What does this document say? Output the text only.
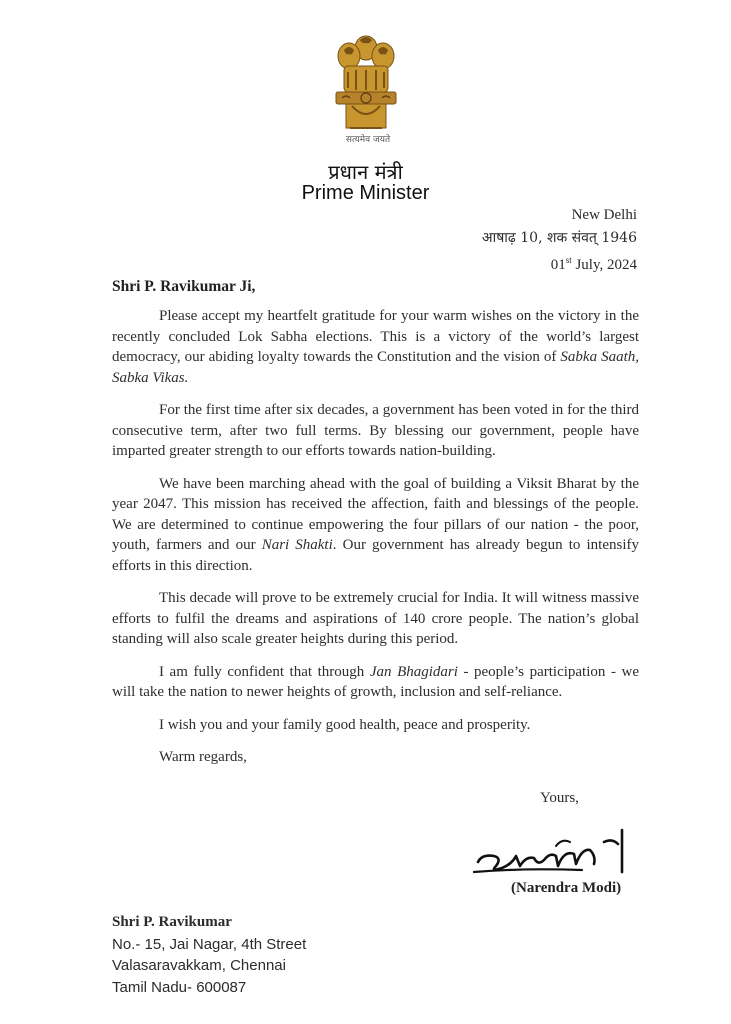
सत्यमेव जयते
प्रधान मंत्री
Prime Minister
New Delhi
आषाढ़ 10, शक संवत् 1946
01st July, 2024
Shri P. Ravikumar Ji,

Please accept my heartfelt gratitude for your warm wishes on the victory in the recently concluded Lok Sabha elections. This is a victory of the world’s largest democracy, our abiding loyalty towards the Constitution and the vision of Sabka Saath, Sabka Vikas.

For the first time after six decades, a government has been voted in for the third consecutive term, after two full terms. By blessing our government, people have imparted greater strength to our efforts towards nation-building.

We have been marching ahead with the goal of building a Viksit Bharat by the year 2047. This mission has received the affection, faith and blessings of the people. We are determined to continue empowering the four pillars of our nation - the poor, youth, farmers and our Nari Shakti. Our government has already begun to intensify efforts in this direction.

This decade will prove to be extremely crucial for India. It will witness massive efforts to fulfil the dreams and aspirations of 140 crore people. The nation’s global standing will also scale greater heights during this period.

I am fully confident that through Jan Bhagidari - people’s participation - we will take the nation to newer heights of growth, inclusion and self-reliance.

I wish you and your family good health, peace and prosperity.

Warm regards,

Yours,
(Narendra Modi)
Shri P. Ravikumar
No.- 15, Jai Nagar, 4th Street
Valasaravakkam, Chennai
Tamil Nadu- 600087
